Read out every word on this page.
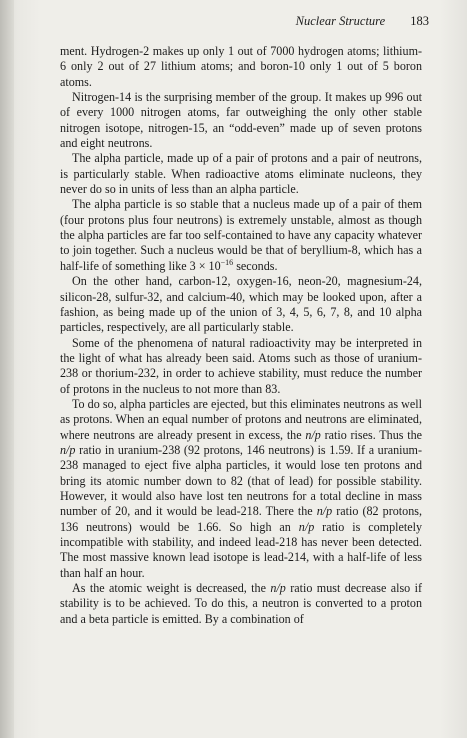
Nuclear Structure 183

ment. Hydrogen-2 makes up only 1 out of 7000 hydrogen atoms; lithium-6 only 2 out of 27 lithium atoms; and boron-10 only 1 out of 5 boron atoms.

Nitrogen-14 is the surprising member of the group. It makes up 996 out of every 1000 nitrogen atoms, far outweighing the only other stable nitrogen isotope, nitrogen-15, an “odd-even” made up of seven protons and eight neutrons.

The alpha particle, made up of a pair of protons and a pair of neutrons, is particularly stable. When radioactive atoms eliminate nucleons, they never do so in units of less than an alpha particle.

The alpha particle is so stable that a nucleus made up of a pair of them (four protons plus four neutrons) is extremely unstable, almost as though the alpha particles are far too self-contained to have any capacity whatever to join together. Such a nucleus would be that of beryllium-8, which has a half-life of something like $3 \times 10^{-16}$ seconds.

On the other hand, carbon-12, oxygen-16, neon-20, magnesium-24, silicon-28, sulfur-32, and calcium-40, which may be looked upon, after a fashion, as being made up of the union of 3, 4, 5, 6, 7, 8, and 10 alpha particles, respectively, are all particularly stable.

Some of the phenomena of natural radioactivity may be interpreted in the light of what has already been said. Atoms such as those of uranium-238 or thorium-232, in order to achieve stability, must reduce the number of protons in the nucleus to not more than 83.

To do so, alpha particles are ejected, but this eliminates neutrons as well as protons. When an equal number of protons and neutrons are eliminated, where neutrons are already present in excess, the n/p ratio rises. Thus the n/p ratio in uranium-238 (92 protons, 146 neutrons) is 1.59. If a uranium-238 managed to eject five alpha particles, it would lose ten protons and bring its atomic number down to 82 (that of lead) for possible stability. However, it would also have lost ten neutrons for a total decline in mass number of 20, and it would be lead-218. There the n/p ratio (82 protons, 136 neutrons) would be 1.66. So high an n/p ratio is completely incompatible with stability, and indeed lead-218 has never been detected. The most massive known lead isotope is lead-214, with a half-life of less than half an hour.

As the atomic weight is decreased, the n/p ratio must decrease also if stability is to be achieved. To do this, a neutron is converted to a proton and a beta particle is emitted. By a combination of
